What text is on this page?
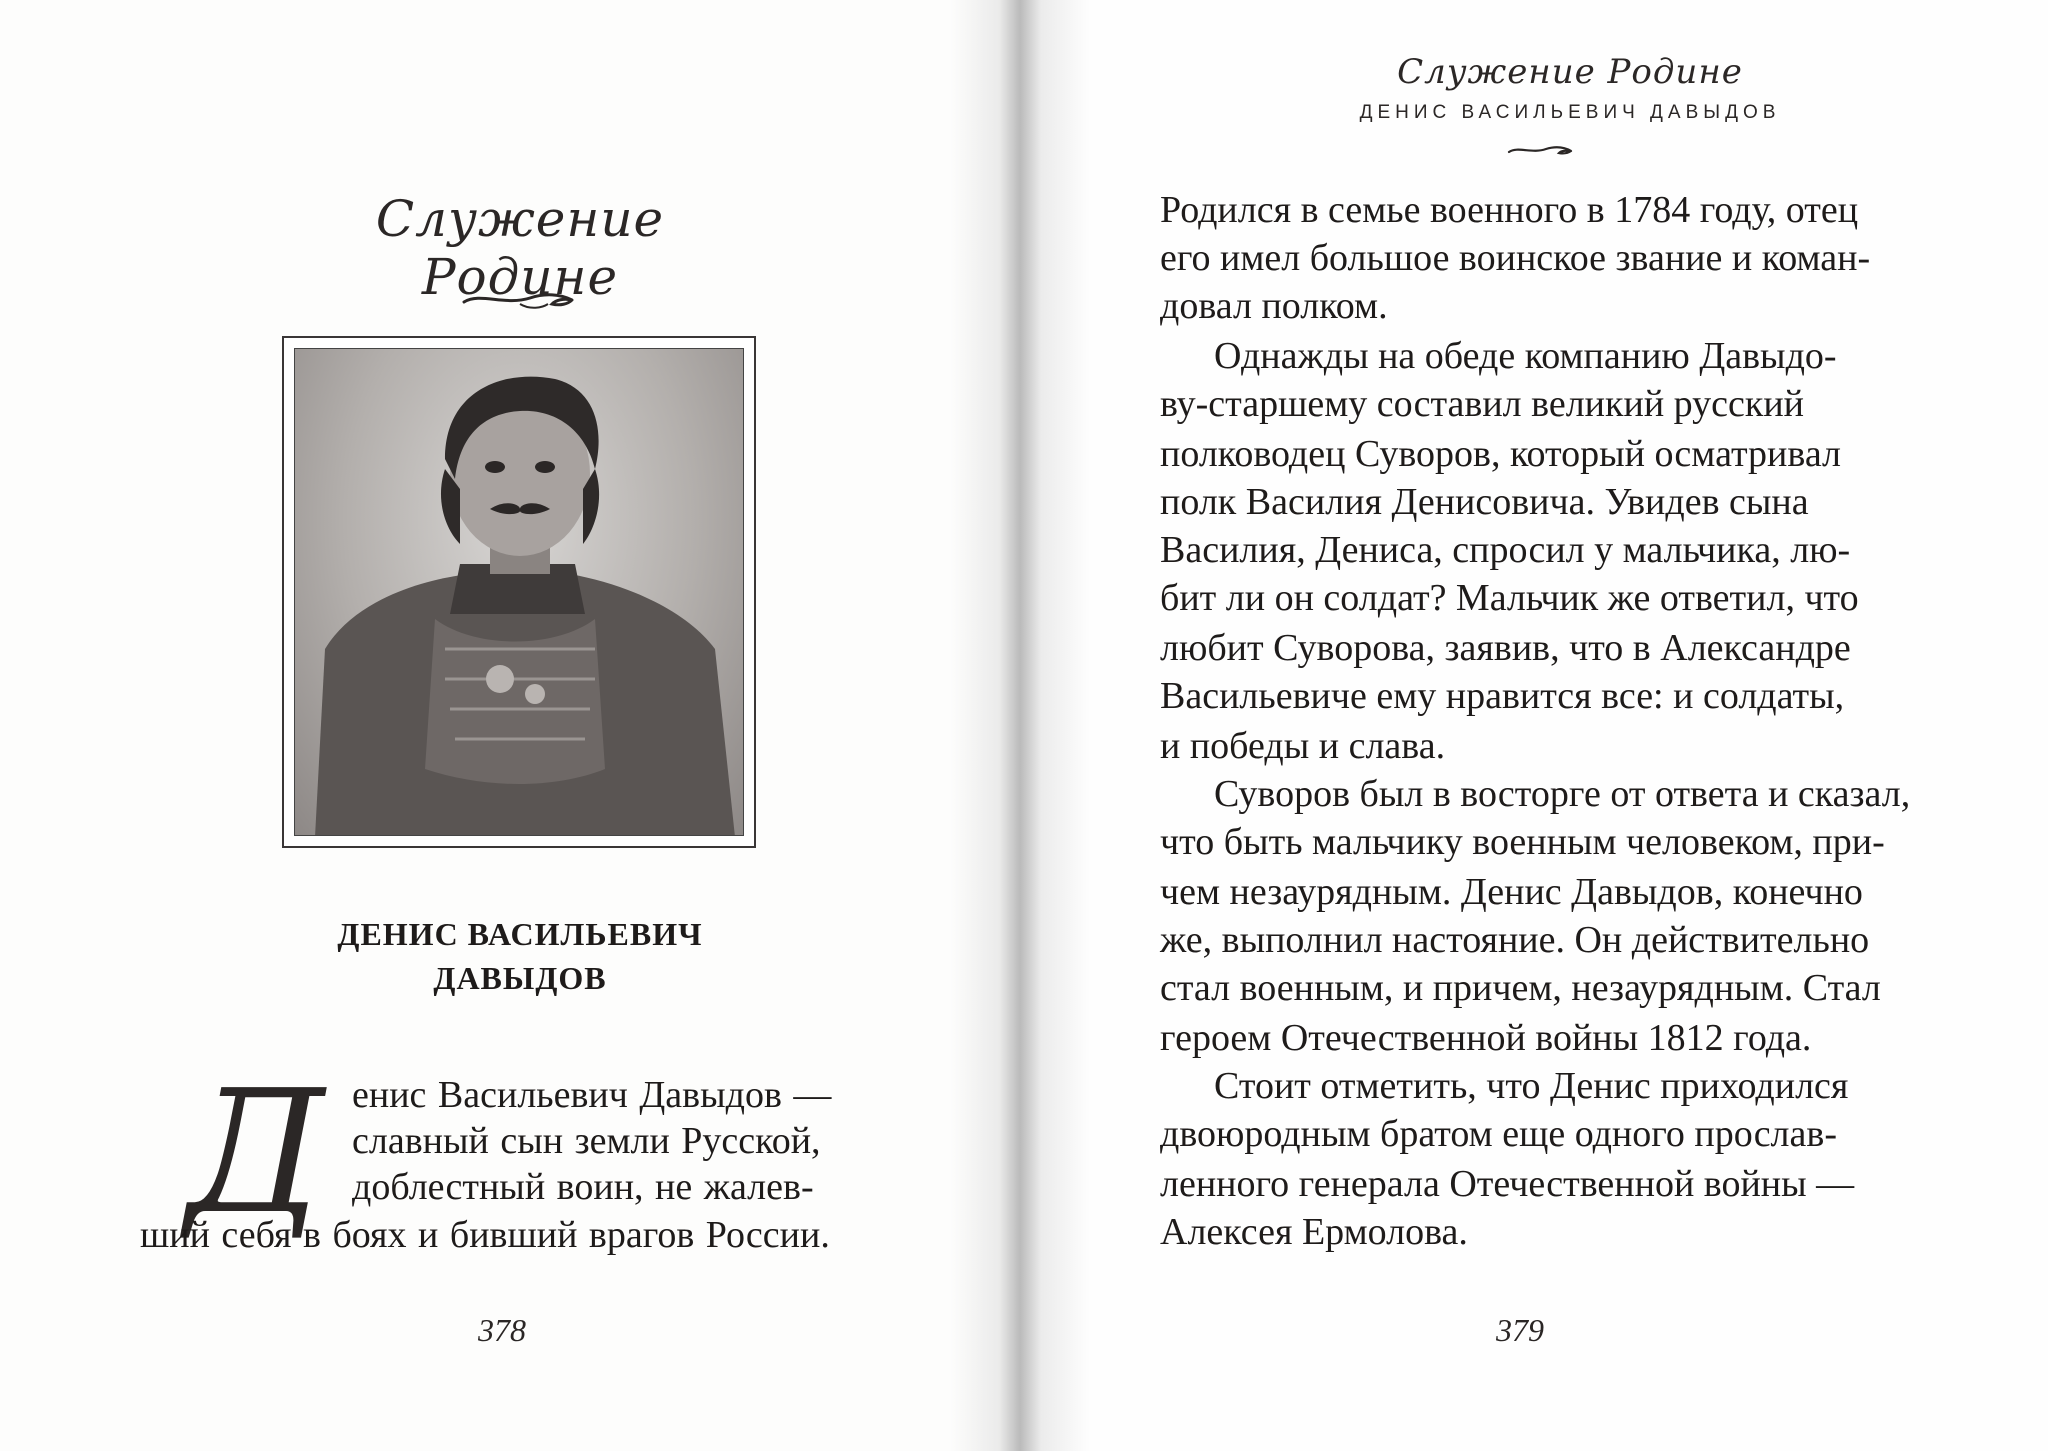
Служение Родине
ДЕНИС ВАСИЛЬЕВИЧ
ДАВЫДОВ
Д енис Васильевич Давыдов —
славный сын земли Русской,
доблестный воин, не жалев-
ший себя в боях и бивший врагов России.
378
Служение Родине
ДЕНИС ВАСИЛЬЕВИЧ ДАВЫДОВ
Родился в семье военного в 1784 году, отец
его имел большое воинское звание и коман-
довал полком.
Однажды на обеде компанию Давыдо-
ву-старшему составил великий русский
полководец Суворов, который осматривал
полк Василия Денисовича. Увидев сына
Василия, Дениса, спросил у мальчика, лю-
бит ли он солдат? Мальчик же ответил, что
любит Суворова, заявив, что в Александре
Васильевиче ему нравится все: и солдаты,
и победы и слава.
Суворов был в восторге от ответа и сказал,
что быть мальчику военным человеком, при-
чем незаурядным. Денис Давыдов, конечно
же, выполнил настояние. Он действительно
стал военным, и причем, незаурядным. Стал
героем Отечественной войны 1812 года.
Стоит отметить, что Денис приходился
двоюродным братом еще одного прослав-
ленного генерала Отечественной войны —
Алексея Ермолова.
379
